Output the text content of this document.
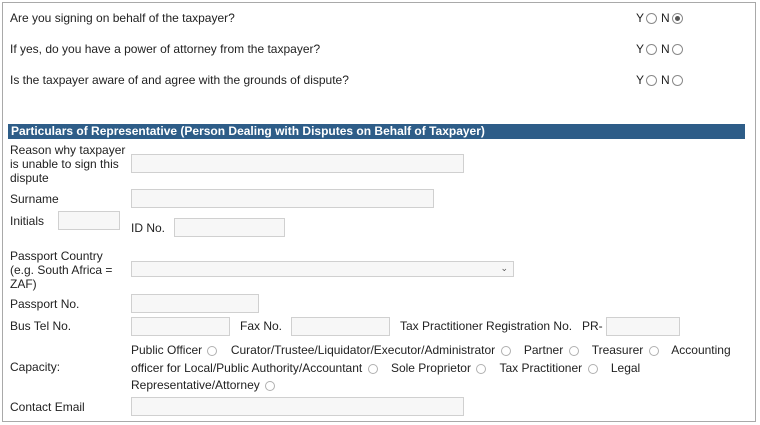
Are you signing on behalf of the taxpayer?	Y N
If yes, do you have a power of attorney from the taxpayer?	Y N
Is the taxpayer aware of and agree with the grounds of dispute?	Y N
Particulars of Representative (Person Dealing with Disputes on Behalf of Taxpayer)
Reason why taxpayer is unable to sign this dispute
Surname
Initials	ID No.
Passport Country (e.g. South Africa = ZAF)
⌄
Passport No.
Bus Tel No.	Fax No.	Tax Practitioner Registration No. PR-
Capacity:
Public Officer Curator/Trustee/Liquidator/Executor/Administrator Partner Treasurer Accounting
officer for Local/Public Authority/Accountant Sole Proprietor Tax Practitioner Legal
Representative/Attorney
Contact Email
